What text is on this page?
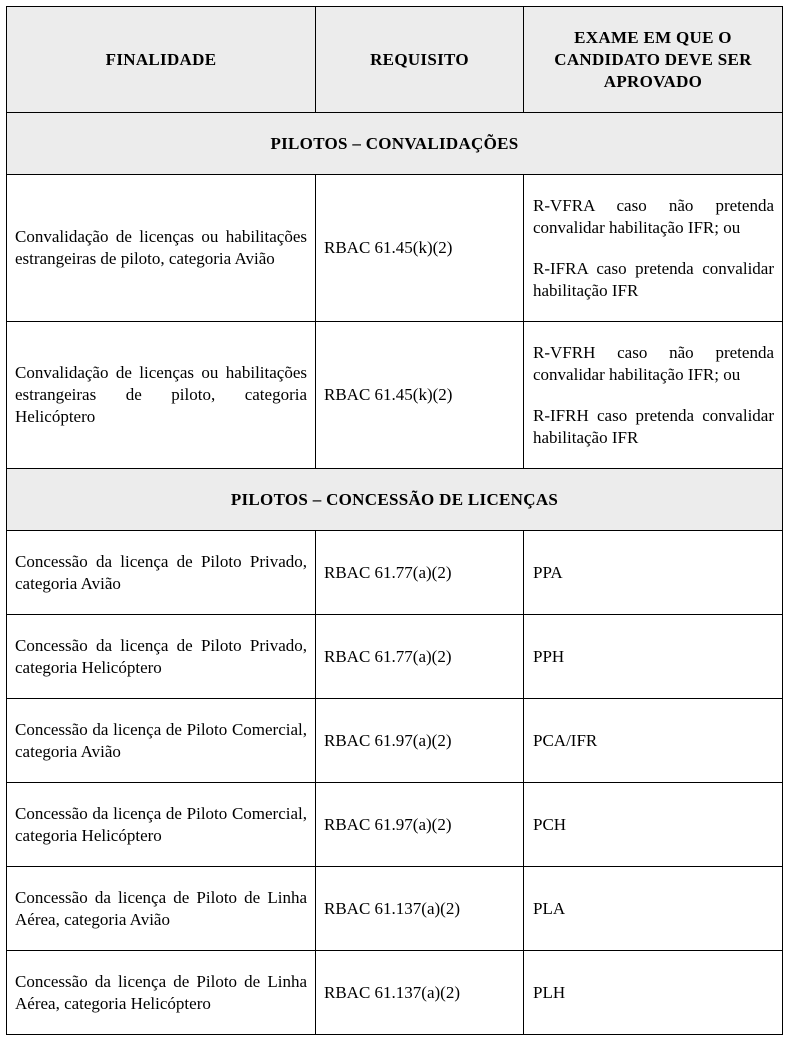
FINALIDADE	REQUISITO	EXAME EM QUE O CANDIDATO DEVE SER APROVADO
PILOTOS – CONVALIDAÇÕES		
Convalidação de licenças ou habilitações estrangeiras de piloto, categoria Avião	RBAC 61.45(k)(2)	R-VFRA caso não pretenda convalidar habilitação IFR; ou

R-IFRA caso pretenda convalidar habilitação IFR

Convalidação de licenças ou habilitações estrangeiras de piloto, categoria Helicóptero	RBAC 61.45(k)(2)	R-VFRH caso não pretenda convalidar habilitação IFR; ou

R-IFRH caso pretenda convalidar habilitação IFR

PILOTOS – CONCESSÃO DE LICENÇAS		
Concessão da licença de Piloto Privado, categoria Avião	RBAC 61.77(a)(2)	PPA
Concessão da licença de Piloto Privado, categoria Helicóptero	RBAC 61.77(a)(2)	PPH
Concessão da licença de Piloto Comercial, categoria Avião	RBAC 61.97(a)(2)	PCA/IFR
Concessão da licença de Piloto Comercial, categoria Helicóptero	RBAC 61.97(a)(2)	PCH
Concessão da licença de Piloto de Linha Aérea, categoria Avião	RBAC 61.137(a)(2)	PLA
Concessão da licença de Piloto de Linha Aérea, categoria Helicóptero	RBAC 61.137(a)(2)	PLH
